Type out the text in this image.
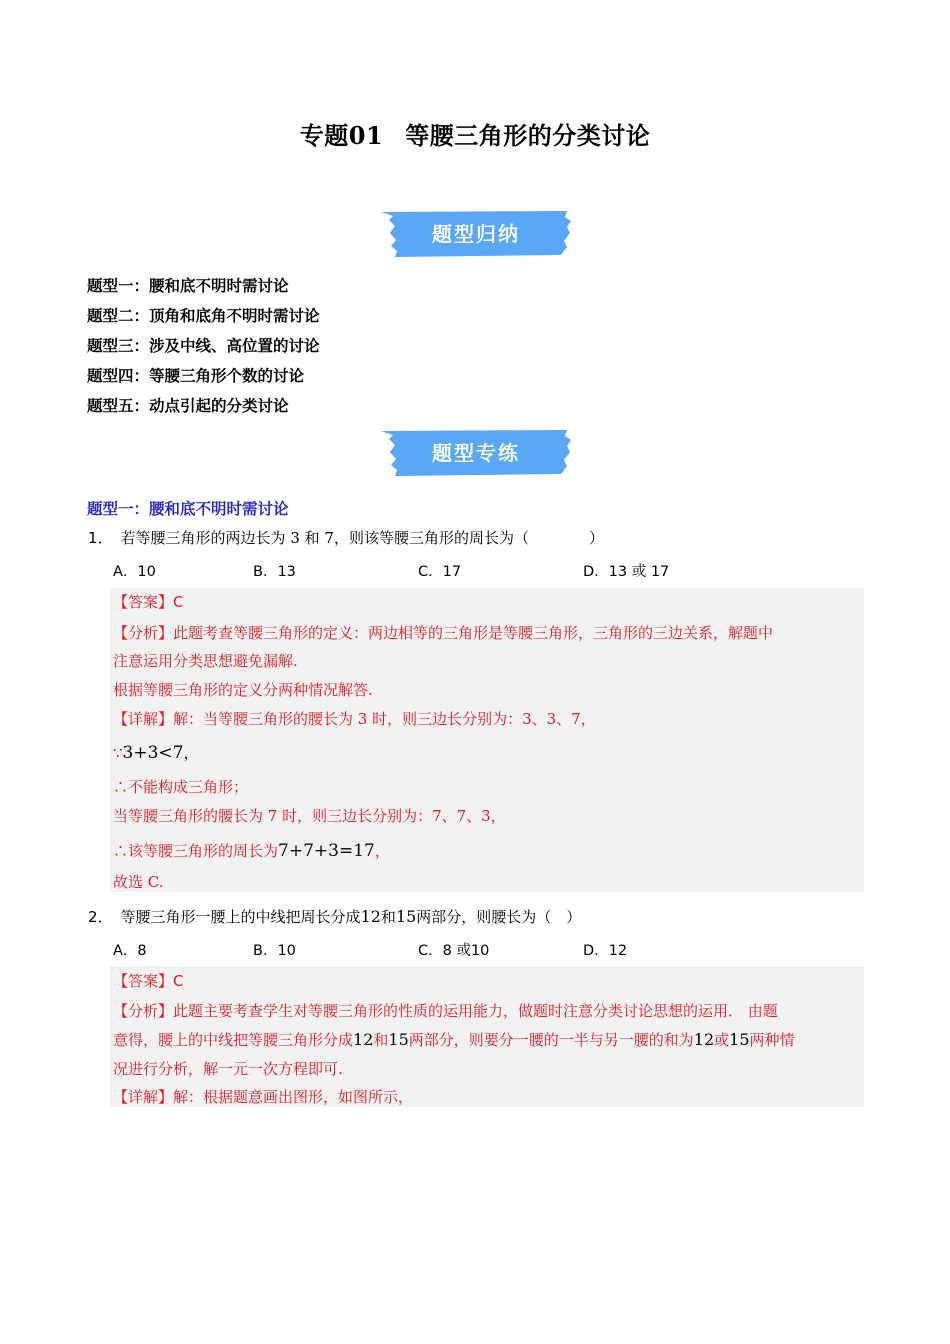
专题01 等腰三角形的分类讨论
题型归纳
题型一：腰和底不明时需讨论
题型二：顶角和底角不明时需讨论
题型三：涉及中线、高位置的讨论
题型四：等腰三角形个数的讨论
题型五：动点引起的分类讨论
题型专练
题型一：腰和底不明时需讨论
1． 若等腰三角形的两边长为 3 和 7，则该等腰三角形的周长为（　　　　）
A．10	B．13	C．17	D．13 或 17
【答案】C
【分析】此题考查等腰三角形的定义：两边相等的三角形是等腰三角形，三角形的三边关系，解题中
注意运用分类思想避免漏解.
根据等腰三角形的定义分两种情况解答.
【详解】解：当等腰三角形的腰长为 3 时，则三边长分别为：3、3、7，
∵3+3<7，
∴不能构成三角形；
当等腰三角形的腰长为 7 时，则三边长分别为：7、7、3，
∴该等腰三角形的周长为7+7+3=17，
故选 C.
2． 等腰三角形一腰上的中线把周长分成12和15两部分，则腰长为（　）
A．8	B．10	C．8 或10	D．12
【答案】C
【分析】此题主要考查学生对等腰三角形的性质的运用能力，做题时注意分类讨论思想的运用． 由题
意得，腰上的中线把等腰三角形分成12和15两部分，则要分一腰的一半与另一腰的和为12或15两种情
况进行分析，解一元一次方程即可.
【详解】解：根据题意画出图形，如图所示，
